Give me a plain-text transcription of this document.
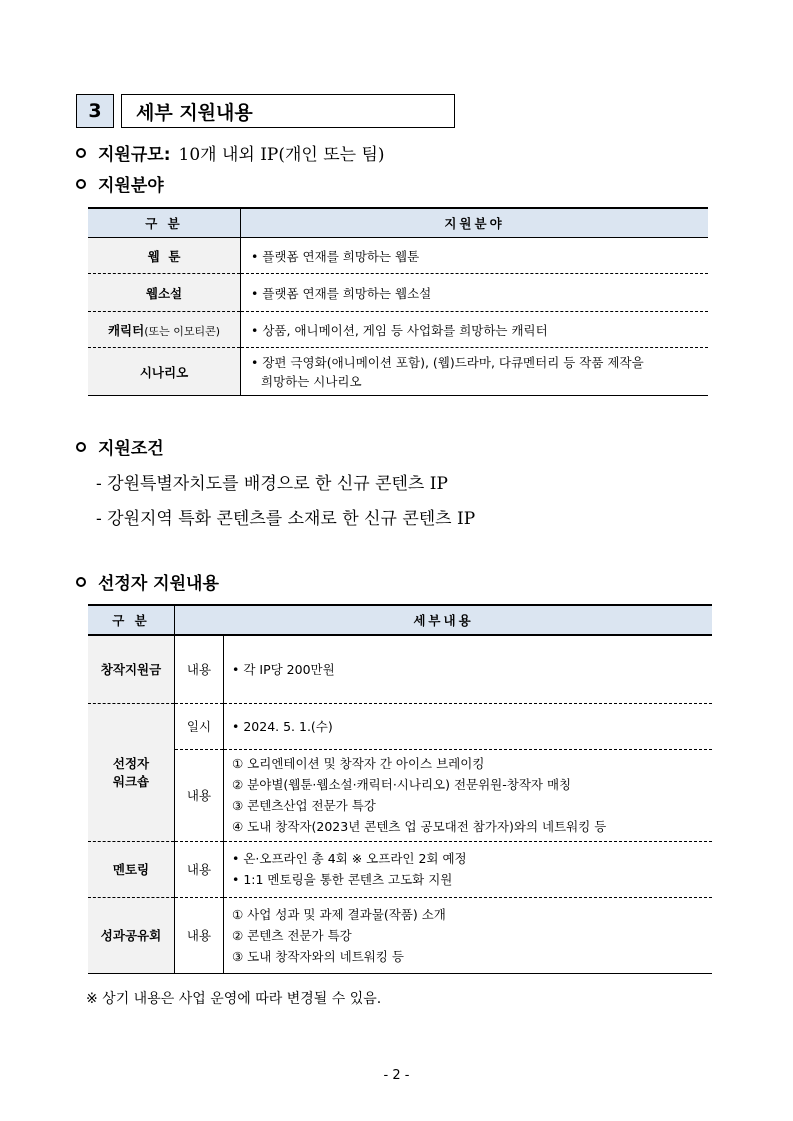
3	세부 지원내용
지원규모: 10개 내외 IP(개인 또는 팀)
지원분야
구 분	지원분야
웹  툰	• 플랫폼 연재를 희망하는 웹툰
웹소설	• 플랫폼 연재를 희망하는 웹소설
캐릭터(또는 이모티콘)	• 상품, 애니메이션, 게임 등 사업화를 희망하는 캐릭터
시나리오	• 장편 극영화(애니메이션 포함), (웹)드라마, 다큐멘터리 등 작품 제작을
희망하는 시나리오
지원조건
- 강원특별자치도를 배경으로 한 신규 콘텐츠 IP
- 강원지역 특화 콘텐츠를 소재로 한 신규 콘텐츠 IP
선정자 지원내용
구 분	세부내용	
창작지원금	내용	• 각 IP당 200만원

선정자
워크숍	일시	• 2024. 5. 1.(수)
	내용	① 오리엔테이션 및 창작자 간 아이스 브레이킹
② 분야별(웹툰·웹소설·캐릭터·시나리오) 전문위원-창작자 매칭
③ 콘텐츠산업 전문가 특강
④ 도내 창작자(2023년 콘텐츠 업 공모대전 참가자)와의 네트워킹 등

멘토링	내용	• 온·오프라인 총 4회 ※ 오프라인 2회 예정
• 1:1 멘토링을 통한 콘텐츠 고도화 지원

성과공유회	내용	① 사업 성과 및 과제 결과물(작품) 소개
② 콘텐츠 전문가 특강
③ 도내 창작자와의 네트워킹 등
※ 상기 내용은 사업 운영에 따라 변경될 수 있음.
- 2 -
